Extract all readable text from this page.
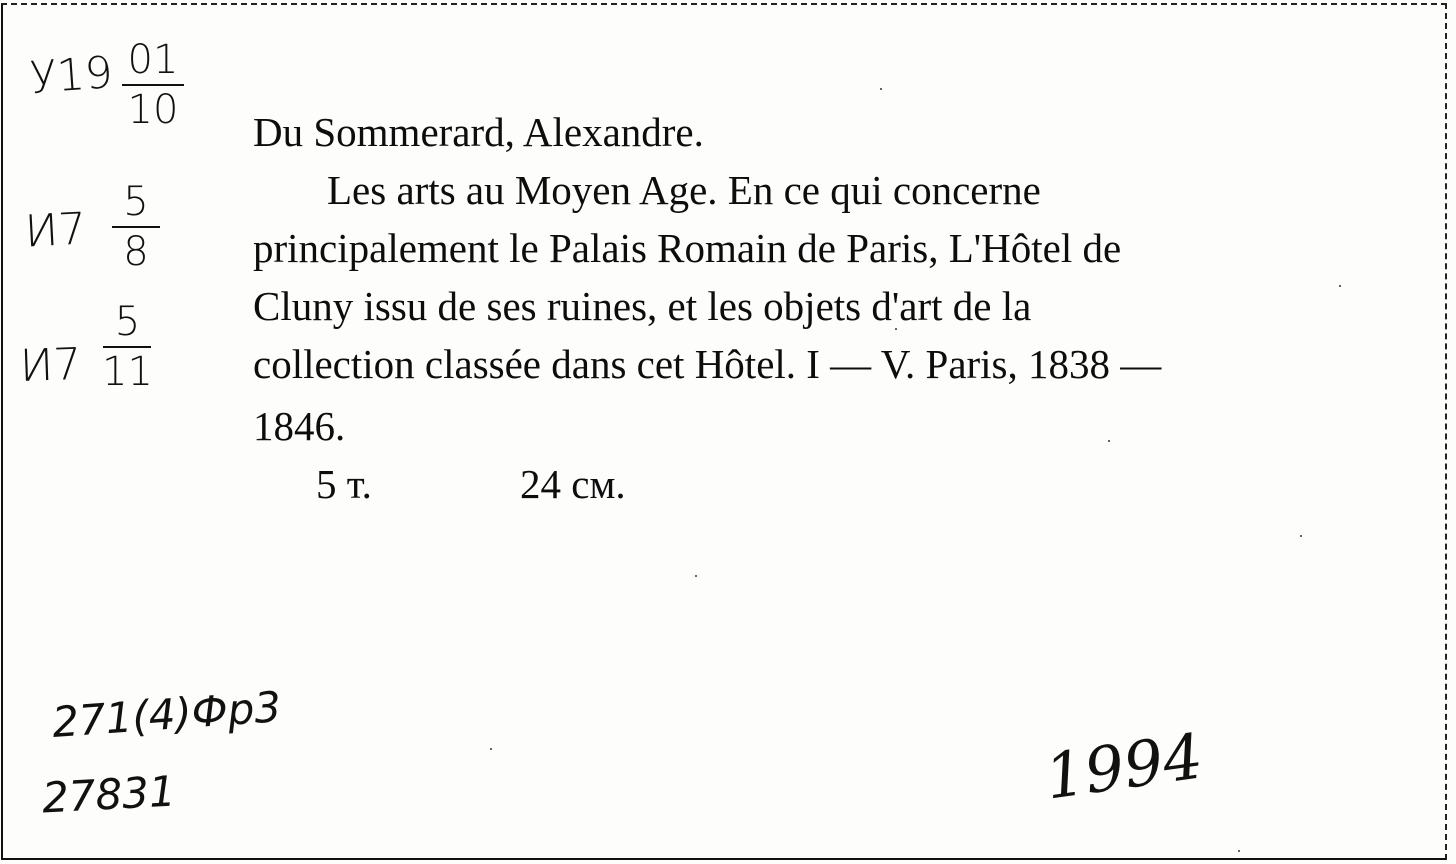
У19 01
10
И7
5
8
И7
5
11
Du Sommerard, Alexandre.
Les arts au Moyen Age. En ce qui concerne
principalement le Palais Romain de Paris, L'Hôtel de
Cluny issu de ses ruines, et les objets d'art de la
collection classée dans cet Hôtel. I — V. Paris, 1838 —
1846.
5 т.	24 см.
271(4)Фр3
27831	1994
